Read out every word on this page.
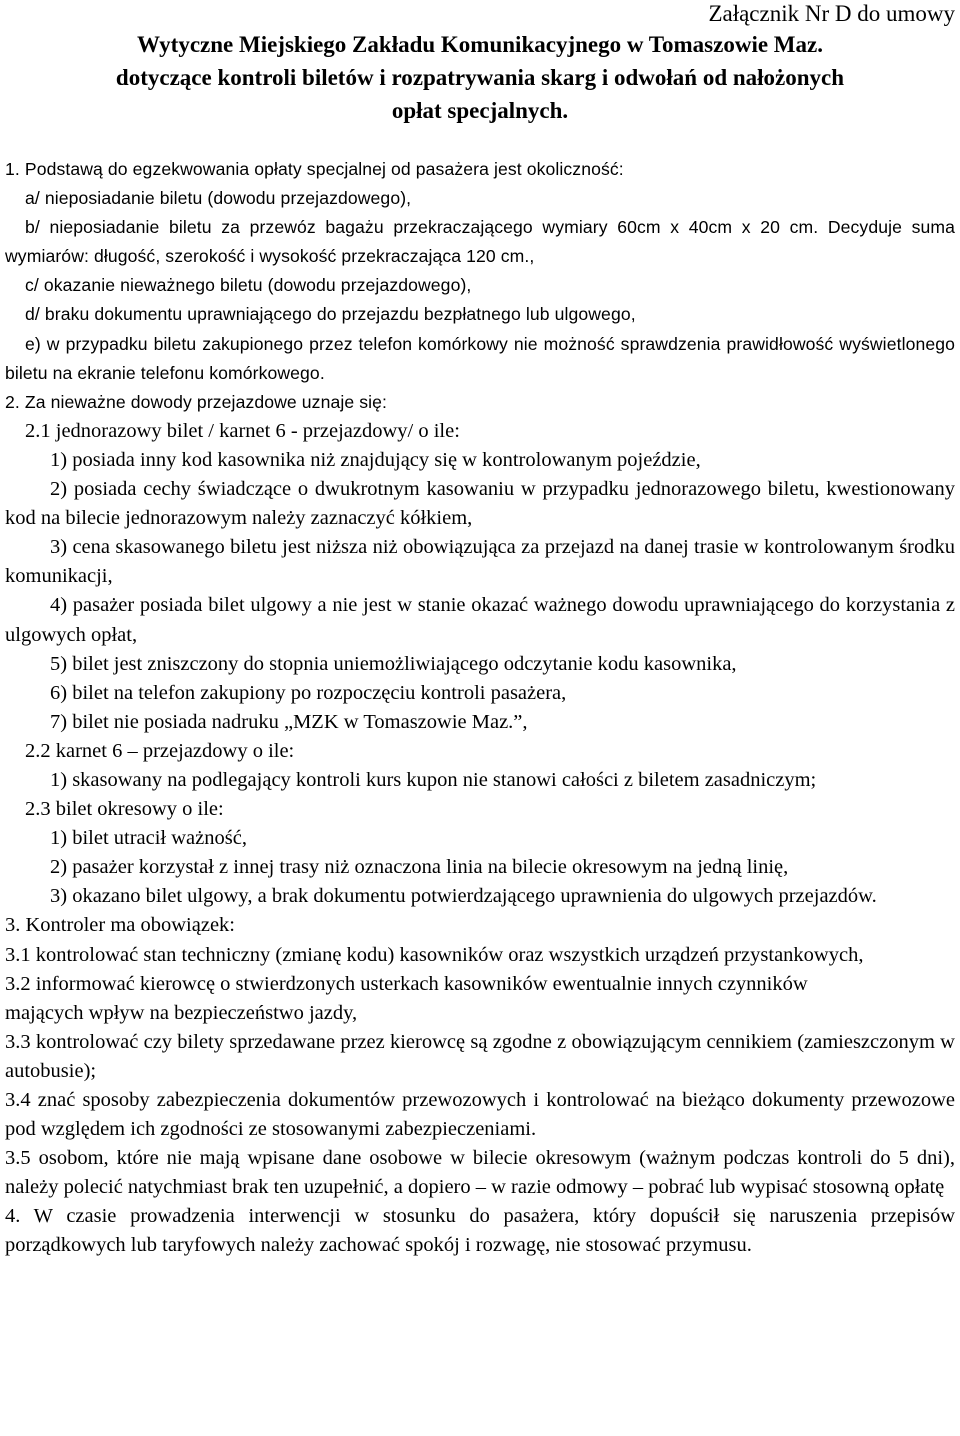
Załącznik Nr D do umowy

Wytyczne Miejskiego Zakładu Komunikacyjnego w Tomaszowie Maz.

dotyczące kontroli biletów i rozpatrywania skarg i odwołań od nałożonych

opłat specjalnych.

1. Podstawą do egzekwowania opłaty specjalnej od pasażera jest okoliczność:

a/ nieposiadanie biletu (dowodu przejazdowego),

b/ nieposiadanie biletu za przewóz bagażu przekraczającego wymiary 60cm x 40cm x 20 cm. Decyduje suma wymiarów: długość, szerokość i wysokość przekraczająca 120 cm.,

c/ okazanie nieważnego biletu (dowodu przejazdowego),

d/ braku dokumentu uprawniającego do przejazdu bezpłatnego lub ulgowego,

e) w przypadku biletu zakupionego przez telefon komórkowy nie możność sprawdzenia prawidłowość wyświetlonego biletu na ekranie telefonu komórkowego.

2. Za nieważne dowody przejazdowe uznaje się:

2.1 jednorazowy bilet / karnet 6 - przejazdowy/ o ile:

1) posiada inny kod kasownika niż znajdujący się w kontrolowanym pojeździe,

2) posiada cechy świadczące o dwukrotnym kasowaniu w przypadku jednorazowego biletu, kwestionowany kod na bilecie jednorazowym należy zaznaczyć kółkiem,

3) cena skasowanego biletu jest niższa niż obowiązująca za przejazd na danej trasie w kontrolowanym środku komunikacji,

4) pasażer posiada bilet ulgowy a nie jest w stanie okazać ważnego dowodu uprawniającego do korzystania z ulgowych opłat,

5) bilet jest zniszczony do stopnia uniemożliwiającego odczytanie kodu kasownika,

6) bilet na telefon zakupiony po rozpoczęciu kontroli pasażera,

7) bilet nie posiada nadruku „MZK w Tomaszowie Maz.”,

2.2 karnet 6 – przejazdowy o ile:

1) skasowany na podlegający kontroli kurs kupon nie stanowi całości z biletem zasadniczym;

2.3 bilet okresowy o ile:

1) bilet utracił ważność,

2) pasażer korzystał z innej trasy niż oznaczona linia na bilecie okresowym na jedną linię,

3) okazano bilet ulgowy, a brak dokumentu potwierdzającego uprawnienia do ulgowych przejazdów.

3. Kontroler ma obowiązek:

3.1 kontrolować stan techniczny (zmianę kodu) kasowników oraz wszystkich urządzeń przystankowych,

3.2 informować kierowcę o stwierdzonych usterkach kasowników ewentualnie innych czynników mających wpływ na bezpieczeństwo jazdy,

3.3 kontrolować czy bilety sprzedawane przez kierowcę są zgodne z obowiązującym cennikiem (zamieszczonym w autobusie);

3.4 znać sposoby zabezpieczenia dokumentów przewozowych i kontrolować na bieżąco dokumenty przewozowe pod względem ich zgodności ze stosowanymi zabezpieczeniami.

3.5 osobom, które nie mają wpisane dane osobowe w bilecie okresowym (ważnym podczas kontroli do 5 dni), należy polecić natychmiast brak ten uzupełnić, a dopiero – w razie odmowy – pobrać lub wypisać stosowną opłatę

4. W czasie prowadzenia interwencji w stosunku do pasażera, który dopuścił się naruszenia przepisów porządkowych lub taryfowych należy zachować spokój i rozwagę, nie stosować przymusu.
